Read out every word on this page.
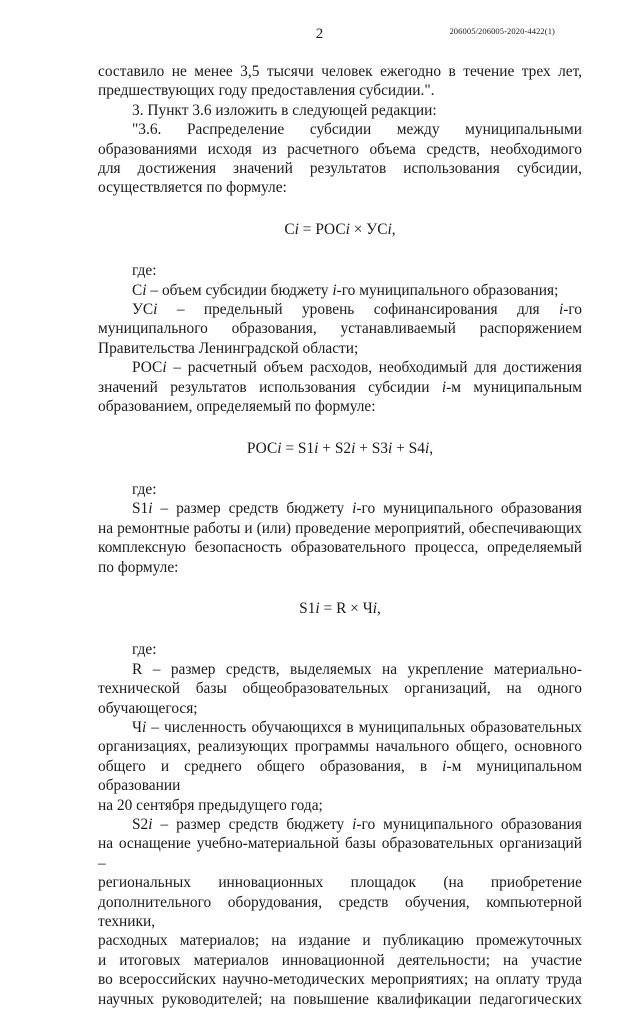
2	206005/206005-2020-4422(1)

составило не менее 3,5 тысячи человек ежегодно в течение трех лет,

предшествующих году предоставления субсидии.".

3. Пункт 3.6 изложить в следующей редакции:

"3.6. Распределение субсидии между муниципальными

образованиями исходя из расчетного объема средств, необходимого

для достижения значений результатов использования субсидии,

осуществляется по формуле:

Сi = РОСi × УСi,

где:

Сi – объем субсидии бюджету i-го муниципального образования;

УСi – предельный уровень софинансирования для i-го

муниципального образования, устанавливаемый распоряжением

Правительства Ленинградской области;

РОСi – расчетный объем расходов, необходимый для достижения

значений результатов использования субсидии i-м муниципальным

образованием, определяемый по формуле:

РОСi = S1i + S2i + S3i + S4i,

где:

S1i – размер средств бюджету i-го муниципального образования

на ремонтные работы и (или) проведение мероприятий, обеспечивающих

комплексную безопасность образовательного процесса, определяемый

по формуле:

S1i = R × Чi,

где:

R – размер средств, выделяемых на укрепление материально-

технической базы общеобразовательных организаций, на одного

обучающегося;

Чi – численность обучающихся в муниципальных образовательных

организациях, реализующих программы начального общего, основного

общего и среднего общего образования, в i-м муниципальном образовании

на 20 сентября предыдущего года;

S2i – размер средств бюджету i-го муниципального образования

на оснащение учебно-материальной базы образовательных организаций –

региональных инновационных площадок (на приобретение

дополнительного оборудования, средств обучения, компьютерной техники,

расходных материалов; на издание и публикацию промежуточных

и итоговых материалов инновационной деятельности; на участие

во всероссийских научно-методических мероприятиях; на оплату труда

научных руководителей; на повышение квалификации педагогических
